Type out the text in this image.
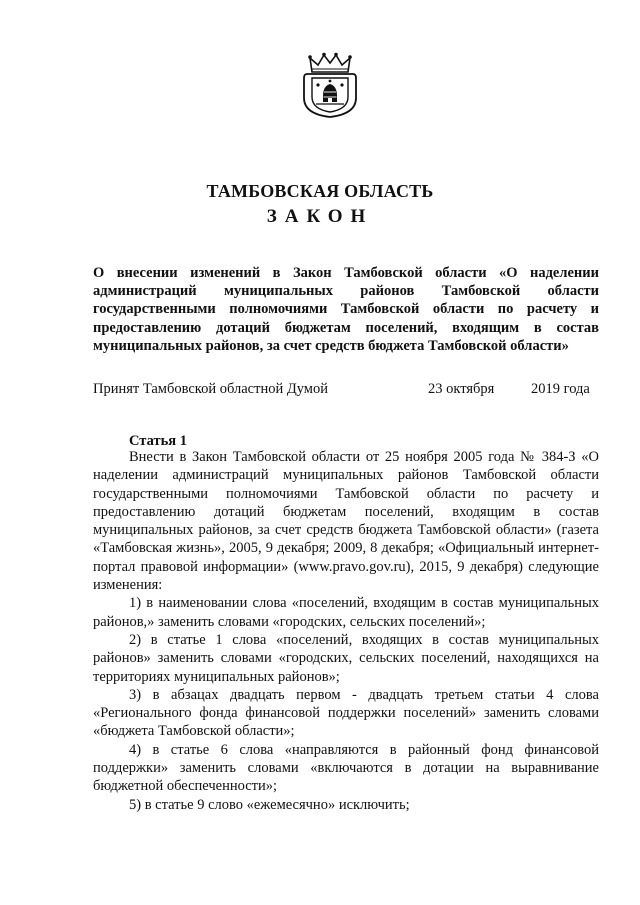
ТАМБОВСКАЯ ОБЛАСТЬ
ЗАКОН
О внесении изменений в Закон Тамбовской области «О наделении администраций муниципальных районов Тамбовской области государственными полномочиями Тамбовской области по расчету и предоставлению дотаций бюджетам поселений, входящим в состав муниципальных районов, за счет средств бюджета Тамбовской области»
Принят Тамбовской областной Думой	23 октября	2019 года
Статья 1

Внести в Закон Тамбовской области от 25 ноября 2005 года № 384-З «О наделении администраций муниципальных районов Тамбовской области государственными полномочиями Тамбовской области по расчету и предоставлению дотаций бюджетам поселений, входящим в состав муниципальных районов, за счет средств бюджета Тамбовской области» (газета «Тамбовская жизнь», 2005, 9 декабря; 2009, 8 декабря; «Официальный интернет-портал правовой информации» (www.pravo.gov.ru), 2015, 9 декабря) следующие изменения:

1) в наименовании слова «поселений, входящим в состав муниципальных районов,» заменить словами «городских, сельских поселений»;

2) в статье 1 слова «поселений, входящих в состав муниципальных районов» заменить словами «городских, сельских поселений, находящихся на территориях муниципальных районов»;

3) в абзацах двадцать первом - двадцать третьем статьи 4 слова «Регионального фонда финансовой поддержки поселений» заменить словами «бюджета Тамбовской области»;

4) в статье 6 слова «направляются в районный фонд финансовой поддержки» заменить словами «включаются в дотации на выравнивание бюджетной обеспеченности»;

5) в статье 9 слово «ежемесячно» исключить;
